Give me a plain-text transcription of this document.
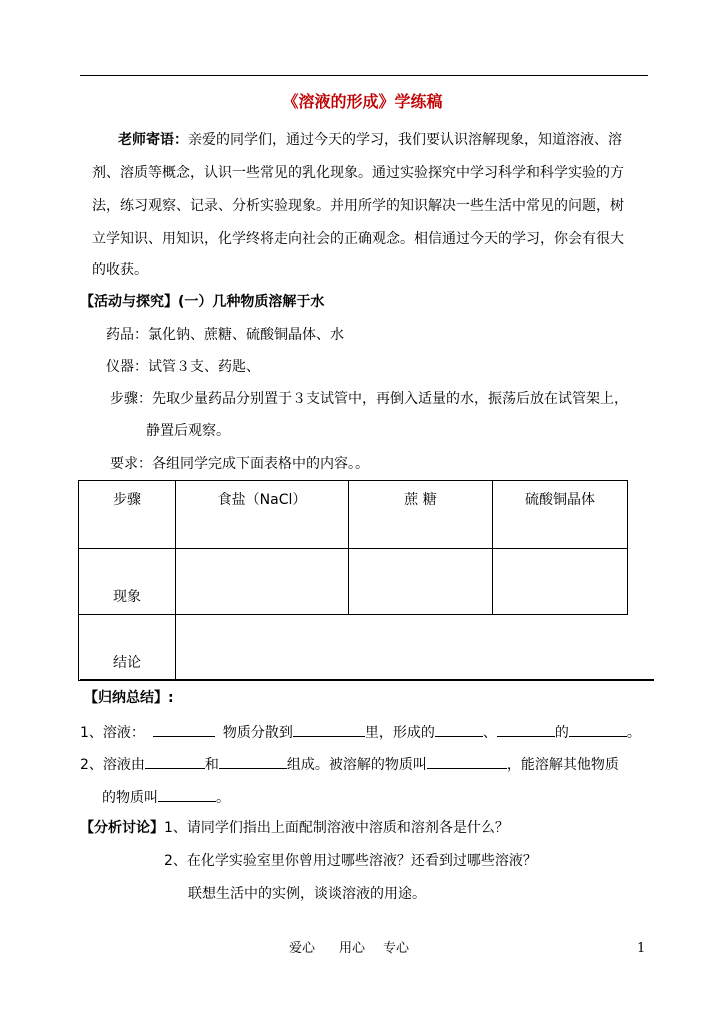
《溶液的形成》学练稿
老师寄语：亲爱的同学们，通过今天的学习，我们要认识溶解现象，知道溶液、溶
剂、溶质等概念，认识一些常见的乳化现象。通过实验探究中学习科学和科学实验的方
法，练习观察、记录、分析实验现象。并用所学的知识解决一些生活中常见的问题，树
立学知识、用知识，化学终将走向社会的正确观念。相信通过今天的学习，你会有很大
的收获。
【活动与探究】(一）几种物质溶解于水
药品：氯化钠、蔗糖、硫酸铜晶体、水
仪器：试管３支、药匙、
步骤：先取少量药品分别置于３支试管中，再倒入适量的水，振荡后放在试管架上，
静置后观察。
要求：各组同学完成下面表格中的内容。。
步骤	食盐（NaCl）	蔗 糖	硫酸铜晶体
现象			
结论			
【归纳总结】:
1、溶液：	物质分散到	里，形成的	、	的	。
2、溶液由	和	组成。被溶解的物质叫	，能溶解其他物质
的物质叫	。
【分析讨论】1、请同学们指出上面配制溶液中溶质和溶剂各是什么？
2、在化学实验室里你曾用过哪些溶液？还看到过哪些溶液？
联想生活中的实例，谈谈溶液的用途。
爱心 用心 专心	1
